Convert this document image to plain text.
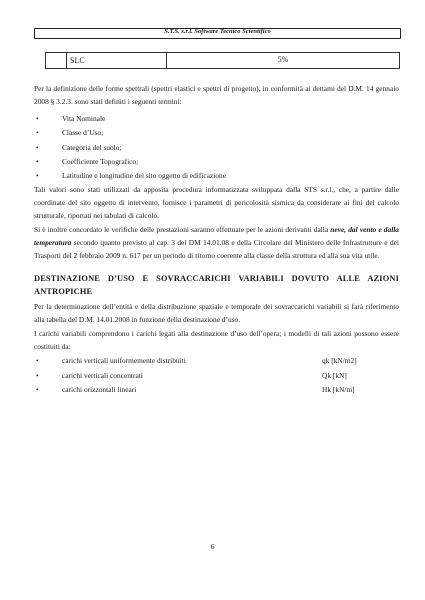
S.T.S. s.r.l. Software Tecnico Scientifico
SLC	5%

Per la definizione delle forme spettrali (spettri elastici e spettri di progetto), in conformità ai dettami del D.M. 14 gennaio 2008 § 3.2.3. sono stati definiti i seguenti termini:

•	Vita Nominale
•	Classe d’Uso;
•	Categoria del suolo;
•	Coefficiente Topografico;
•	Latitudine e longitudine del sito oggetto di edificazione

Tali valori sono stati utilizzati da apposita procedura informatizzata sviluppata dalla STS s.r.l., che, a partire dalle coordinate del sito oggetto di intervento, fornisce i parametri di pericolosità sismica da considerare ai fini del calcolo strutturale, riportati nei tabulati di calcolo.

Si è inoltre concordato le verifiche delle prestazioni saranno effettuate per le azioni derivanti dalla neve, dal vento e dalla temperatura secondo quanto previsto al cap. 3 del DM 14.01.08 e della Circolare del Ministero delle Infrastrutture e dei Trasporti del 2 febbraio 2009 n. 617 per un periodo di ritorno coerente alla classe della struttura ed alla sua vita utile.

DESTINAZIONE D’USO E SOVRACCARICHI VARIABILI DOVUTO ALLE AZIONI ANTROPICHE

Per la determinazione dell’entità e della distribuzione spaziale e temporale dei sovraccarichi variabili si farà riferimento alla tabella del D.M. 14.01.2008 in funzione della destinazione d’uso.

I carichi variabili comprendono i carichi legati alla destinazione d’uso dell’opera; i modelli di tali azioni possono essere costituiti da:

•	carichi verticali uniformemente distribuiti	qk [kN/m2]
•	carichi verticali concentrati	Qk [kN]
•	carichi orizzontali lineari	Hk [kN/m]
6
